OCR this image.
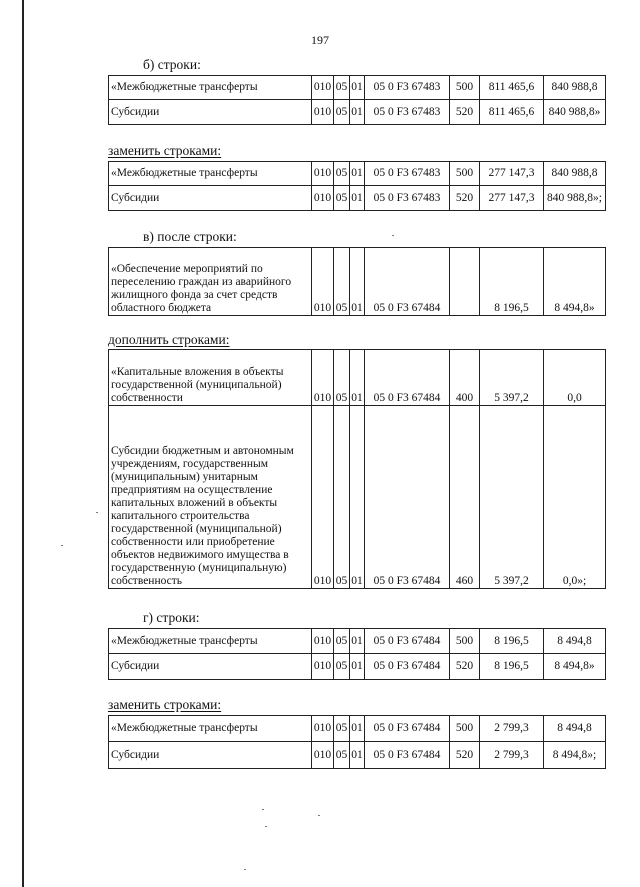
197
б) строки:
«Межбюджетные трансферты	010	05	01	05 0 F3 67483	500	811 465,6	840 988,8
Субсидии	010	05	01	05 0 F3 67483	520	811 465,6	840 988,8»
заменить строками:
«Межбюджетные трансферты	010	05	01	05 0 F3 67483	500	277 147,3	840 988,8
Субсидии	010	05	01	05 0 F3 67483	520	277 147,3	840 988,8»;
в) после строки:
«Обеспечение мероприятий по переселению граждан из аварийного жилищного фонда за счет средств областного бюджета	010	05	01	05 0 F3 67484		8 196,5	8 494,8»
дополнить строками:
«Капитальные вложения в объекты государственной (муниципальной) собственности	010	05	01	05 0 F3 67484	400	5 397,2	0,0
Субсидии бюджетным и автономным учреждениям, государственным (муниципальным) унитарным предприятиям на осуществление капитальных вложений в объекты капитального строительства государственной (муниципальной) собственности или приобретение объектов недвижимого имущества в государственную (муниципальную) собственность	010	05	01	05 0 F3 67484	460	5 397,2	0,0»;
г) строки:
«Межбюджетные трансферты	010	05	01	05 0 F3 67484	500	8 196,5	8 494,8
Субсидии	010	05	01	05 0 F3 67484	520	8 196,5	8 494,8»
заменить строками:
«Межбюджетные трансферты	010	05	01	05 0 F3 67484	500	2 799,3	8 494,8
Субсидии	010	05	01	05 0 F3 67484	520	2 799,3	8 494,8»;
